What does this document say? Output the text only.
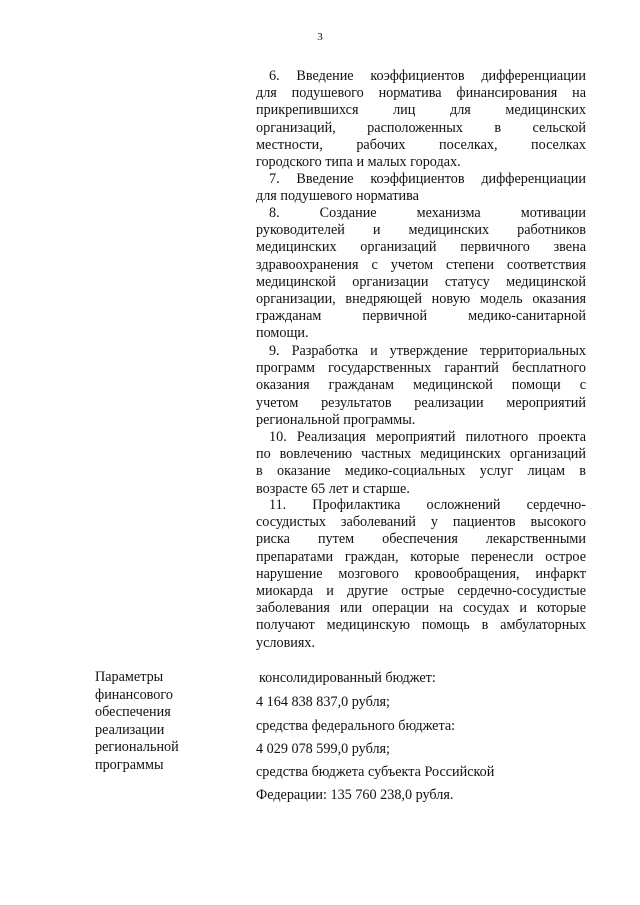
3

6. Введение коэффициентов дифференциации
для подушевого норматива финансирования на
прикрепившихся лиц для медицинских
организаций, расположенных в сельской
местности, рабочих поселках, поселках
городского типа и малых городах.

7. Введение коэффициентов дифференциации
для подушевого норматива

8. Создание механизма мотивации
руководителей и медицинских работников
медицинских организаций первичного звена
здравоохранения с учетом степени соответствия
медицинской организации статусу медицинской
организации, внедряющей новую модель оказания
гражданам первичной медико-санитарной
помощи.

9. Разработка и утверждение территориальных
программ государственных гарантий бесплатного
оказания гражданам медицинской помощи с
учетом результатов реализации мероприятий
региональной программы.

10. Реализация мероприятий пилотного проекта
по вовлечению частных медицинских организаций
в оказание медико-социальных услуг лицам в
возрасте 65 лет и старше.

11. Профилактика осложнений сердечно-
сосудистых заболеваний у пациентов высокого
риска путем обеспечения лекарственными
препаратами граждан, которые перенесли острое
нарушение мозгового кровообращения, инфаркт
миокарда и другие острые сердечно-сосудистые
заболевания или операции на сосудах и которые
получают медицинскую помощь в амбулаторных
условиях.

Параметры
финансового
обеспечения
реализации
региональной
программы
консолидированный бюджет:
4 164 838 837,0 рубля;
средства федерального бюджета:
4 029 078 599,0 рубля;
средства бюджета субъекта Российской
Федерации: 135 760 238,0 рубля.
